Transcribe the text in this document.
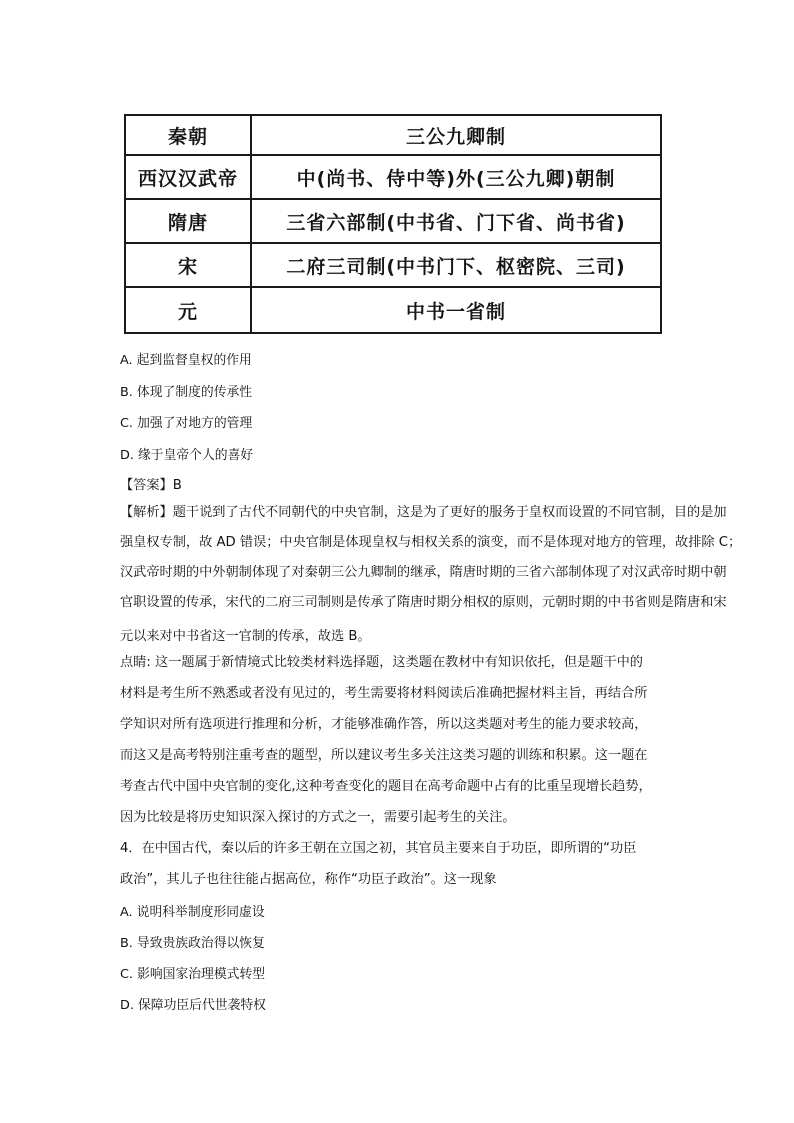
秦朝	三公九卿制
西汉汉武帝	中(尚书、侍中等)外(三公九卿)朝制
隋唐	三省六部制(中书省、门下省、尚书省)
宋	二府三司制(中书门下、枢密院、三司)
元	中书一省制
A. 起到监督皇权的作用
B. 体现了制度的传承性
C. 加强了对地方的管理
D. 缘于皇帝个人的喜好
【答案】B
【解析】题干说到了古代不同朝代的中央官制，这是为了更好的服务于皇权而设置的不同官制，目的是加
强皇权专制，故 AD 错误；中央官制是体现皇权与相权关系的演变，而不是体现对地方的管理，故排除 C；
汉武帝时期的中外朝制体现了对秦朝三公九卿制的继承，隋唐时期的三省六部制体现了对汉武帝时期中朝
官职设置的传承，宋代的二府三司制则是传承了隋唐时期分相权的原则，元朝时期的中书省则是隋唐和宋
元以来对中书省这一官制的传承，故选 B。
点睛: 这一题属于新情境式比较类材料选择题，这类题在教材中有知识依托，但是题干中的
材料是考生所不熟悉或者没有见过的，考生需要将材料阅读后准确把握材料主旨，再结合所
学知识对所有选项进行推理和分析，才能够准确作答，所以这类题对考生的能力要求较高，
而这又是高考特别注重考查的题型，所以建议考生多关注这类习题的训练和积累。这一题在
考查古代中国中央官制的变化,这种考查变化的题目在高考命题中占有的比重呈现增长趋势，
因为比较是将历史知识深入探讨的方式之一，需要引起考生的关注。
4．在中国古代，秦以后的许多王朝在立国之初，其官员主要来自于功臣，即所谓的“功臣
政治”，其儿子也往往能占据高位，称作“功臣子政治”。这一现象
A. 说明科举制度形同虚设
B. 导致贵族政治得以恢复
C. 影响国家治理模式转型
D. 保障功臣后代世袭特权
